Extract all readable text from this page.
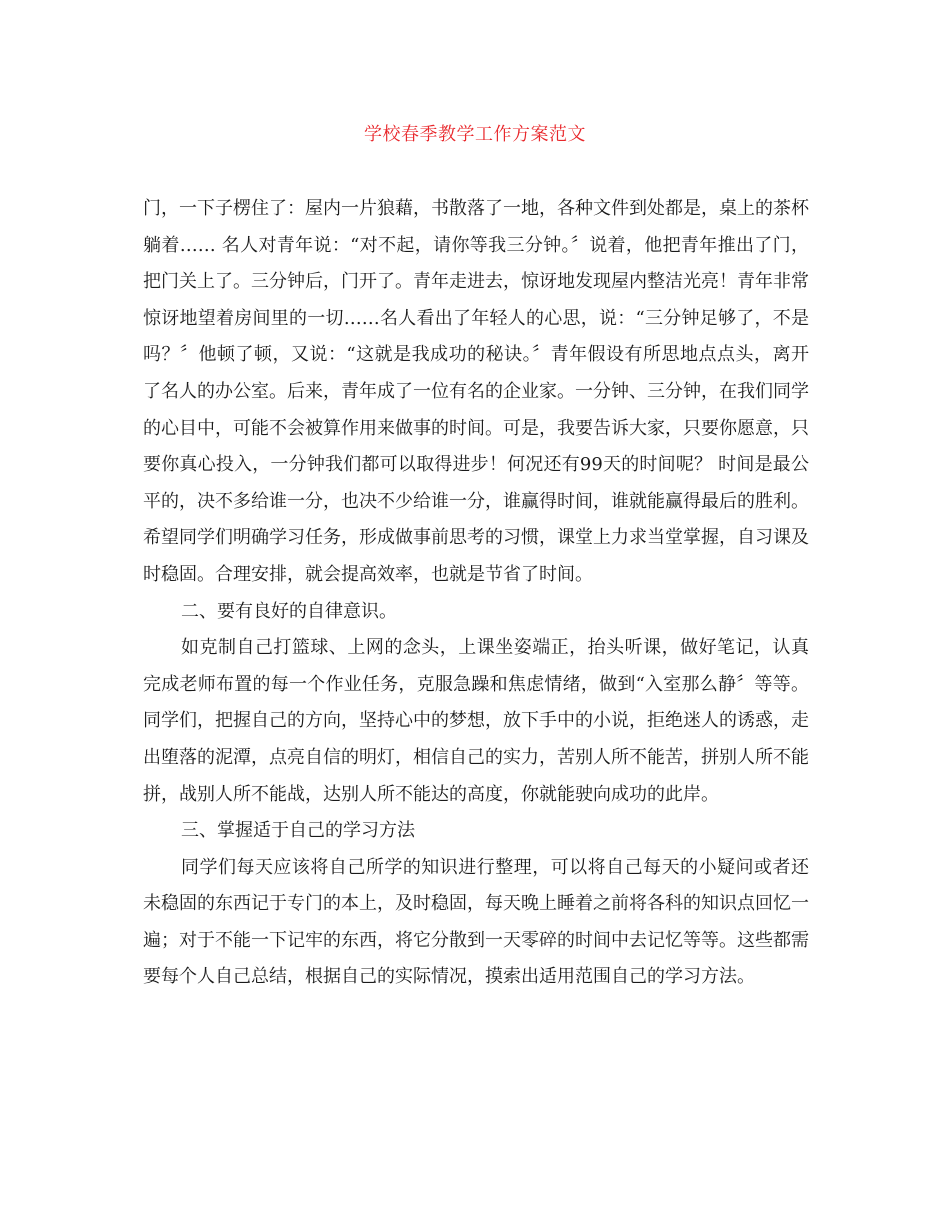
学校春季教学工作方案范文

门，一下子楞住了：屋内一片狼藉，书散落了一地，各种文件到处都是，桌上的茶杯躺着…… 名人对青年说：“对不起，请你等我三分钟。〞说着，他把青年推出了门，把门关上了。三分钟后，门开了。青年走进去，惊讶地发现屋内整洁光亮！青年非常惊讶地望着房间里的一切……名人看出了年轻人的心思，说：“三分钟足够了，不是吗？〞他顿了顿，又说：“这就是我成功的秘诀。〞青年假设有所思地点点头，离开了名人的办公室。后来，青年成了一位有名的企业家。一分钟、三分钟，在我们同学的心目中，可能不会被算作用来做事的时间。可是，我要告诉大家，只要你愿意，只要你真心投入，一分钟我们都可以取得进步！何况还有99天的时间呢？ 时间是最公平的，决不多给谁一分，也决不少给谁一分，谁赢得时间，谁就能赢得最后的胜利。希望同学们明确学习任务，形成做事前思考的习惯，课堂上力求当堂掌握，自习课及时稳固。合理安排，就会提高效率，也就是节省了时间。

二、要有良好的自律意识。

如克制自己打篮球、上网的念头，上课坐姿端正，抬头听课，做好笔记，认真完成老师布置的每一个作业任务，克服急躁和焦虑情绪，做到“入室那么静〞等等。同学们，把握自己的方向，坚持心中的梦想，放下手中的小说，拒绝迷人的诱惑，走出堕落的泥潭，点亮自信的明灯，相信自己的实力，苦别人所不能苦，拼别人所不能拼，战别人所不能战，达别人所不能达的高度，你就能驶向成功的此岸。

三、掌握适于自己的学习方法

同学们每天应该将自己所学的知识进行整理，可以将自己每天的小疑问或者还未稳固的东西记于专门的本上，及时稳固，每天晚上睡着之前将各科的知识点回忆一遍；对于不能一下记牢的东西，将它分散到一天零碎的时间中去记忆等等。这些都需要每个人自己总结，根据自己的实际情况，摸索出适用范围自己的学习方法。
